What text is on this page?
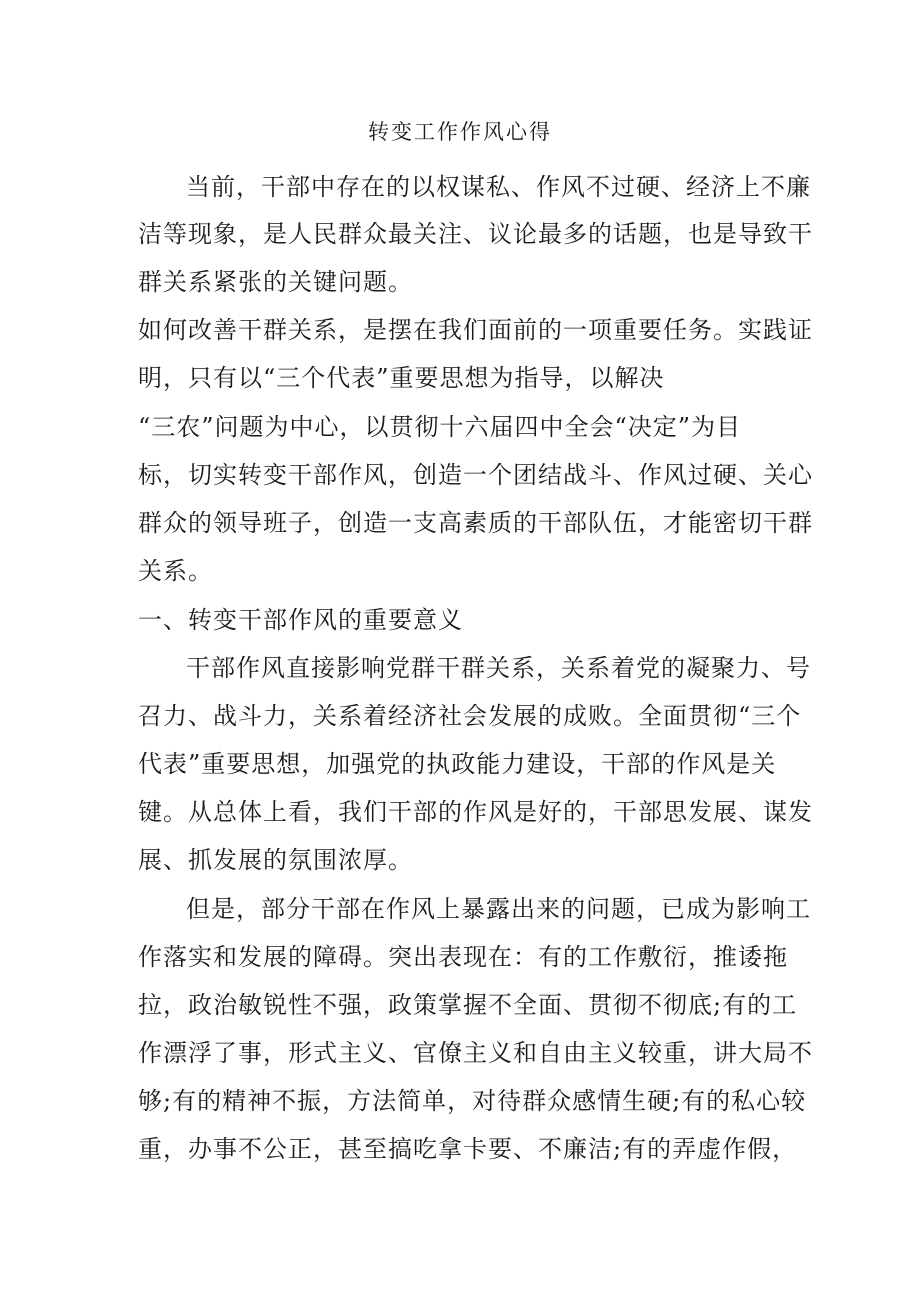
转变工作作风心得
当前，干部中存在的以权谋私、作风不过硬、经济上不廉
洁等现象，是人民群众最关注、议论最多的话题，也是导致干
群关系紧张的关键问题。
如何改善干群关系，是摆在我们面前的一项重要任务。实践证
明，只有以“三个代表”重要思想为指导，以解决
“三农”问题为中心，以贯彻十六届四中全会“决定”为目
标，切实转变干部作风，创造一个团结战斗、作风过硬、关心
群众的领导班子，创造一支高素质的干部队伍，才能密切干群
关系。
一、转变干部作风的重要意义
干部作风直接影响党群干群关系，关系着党的凝聚力、号
召力、战斗力，关系着经济社会发展的成败。全面贯彻“三个
代表”重要思想，加强党的执政能力建设，干部的作风是关
键。从总体上看，我们干部的作风是好的，干部思发展、谋发
展、抓发展的氛围浓厚。
但是，部分干部在作风上暴露出来的问题，已成为影响工
作落实和发展的障碍。突出表现在：有的工作敷衍，推诿拖
拉，政治敏锐性不强，政策掌握不全面、贯彻不彻底;有的工
作漂浮了事，形式主义、官僚主义和自由主义较重，讲大局不
够;有的精神不振，方法简单，对待群众感情生硬;有的私心较
重，办事不公正，甚至搞吃拿卡要、不廉洁;有的弄虚作假，
